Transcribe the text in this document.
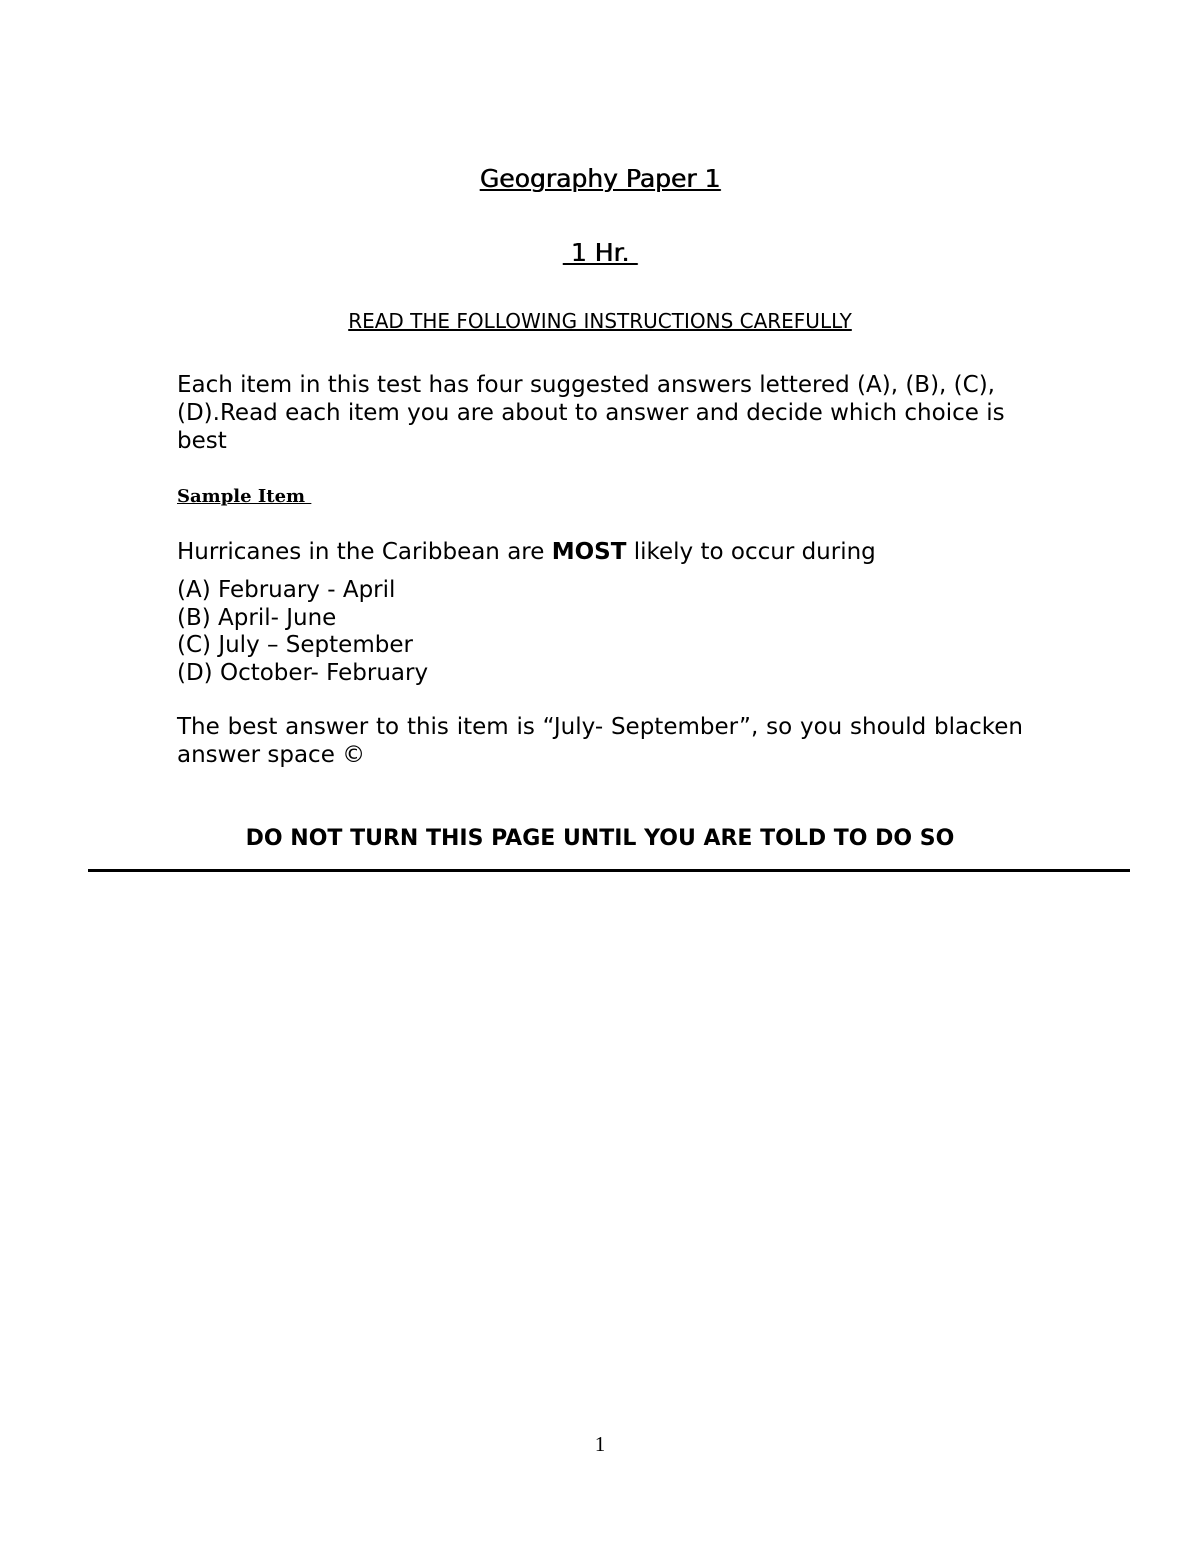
Geography Paper 1
1 Hr.
READ THE FOLLOWING INSTRUCTIONS CAREFULLY
Each item in this test has four suggested answers lettered (A), (B), (C), (D).Read each item you are about to answer and decide which choice is best
Sample Item
Hurricanes in the Caribbean are MOST likely to occur during
(A) February - April
(B) April- June
(C) July – September
(D) October- February
The best answer to this item is “July- September”, so you should blacken answer space ©
DO NOT TURN THIS PAGE UNTIL YOU ARE TOLD TO DO SO
1
